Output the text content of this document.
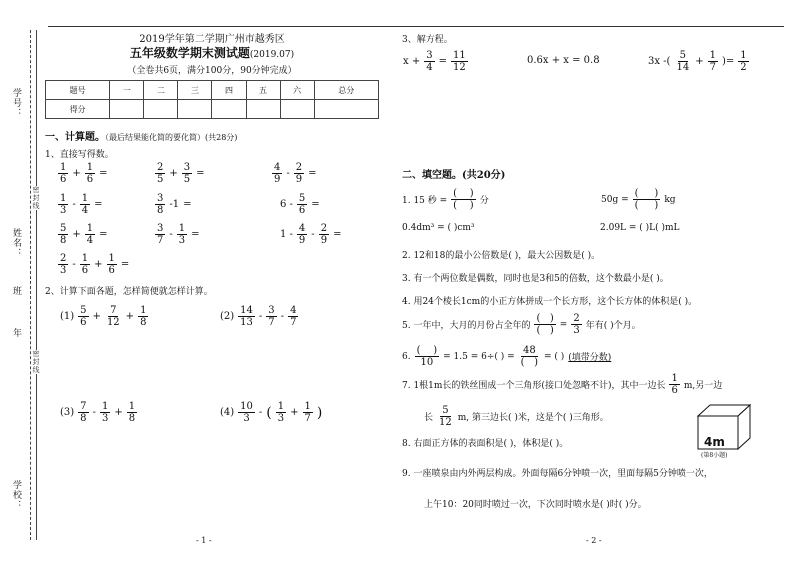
学号：
密封线
姓名：
班
年
密封线
学校：
2019学年第二学期广州市越秀区
五年级数学期末测试题(2019.07)
（全卷共6页，满分100分，90分钟完成）
题号	一	二	三	四	五	六	总分
得分							
一、计算题。（最后结果能化简的要化简）(共28分)
1、直接写得数。
$\frac{1}{6} + \frac{1}{6}$ =	$\frac{2}{5} + \frac{3}{5}$ =	$\frac{4}{9} - \frac{2}{9}$ =
$\frac{1}{3} - \frac{1}{4}$ =	$\frac{3}{8} -1$ =	$6 - \frac{5}{6}$ =
$\frac{5}{8} + \frac{1}{4}$ =	$\frac{3}{7} - \frac{1}{3}$ =	$1 - \frac{4}{9} - \frac{2}{9}$ =
$\frac{2}{3} - \frac{1}{6} + \frac{1}{6}$ =
2、计算下面各题，怎样简便就怎样计算。
$(1) \frac{5}{6} + \frac{7}{12} + \frac{1}{8}$	$(2) \frac{14}{13} - \frac{3}{7} - \frac{4}{7}$
$(3) \frac{7}{8} - \frac{1}{3} + \frac{1}{8}$	$(4) \frac{10}{3}$ - ( $\frac{1}{3} + \frac{1}{7}$ )
3、解方程。
$x + \frac{3}{4} = \frac{11}{12}$	0.6x + x = 0.8	3x -( $\frac{5}{14} + \frac{1}{7}$ )= $\frac{1}{2}$
二、填空题。(共20分)
1. 15 秒 = $\frac{( )}{( )}$ 分	$50g = \frac{( )}{( )}$ kg
0.4dm³ = ( )cm³	2.09L = ( )L( )mL
2. 12和18的最小公倍数是( )，最大公因数是( )。
3. 有一个两位数是偶数，同时也是3和5的倍数，这个数最小是( )。
4. 用24个棱长1cm的小正方体拼成一个长方形，这个长方体的体积是( )。
5. 一年中，大月的月份占全年的 $\frac{( )}{( )} = \frac{2}{3}$ 年有( )个月。
6. $\frac{( )}{10} = 1.5 = 6\div$( ) = $\frac{48}{( )}$ = ( ) (填带分数)
7. 1根1m长的铁丝围成一个三角形(接口处忽略不计)，其中一边长 $\frac{1}{6} m$,另一边
长 $\frac{5}{12} m$, 第三边长( )米，这是个( )三角形。
8. 右面正方体的表面积是( )，体积是( )。	4m
(第8小题)
9. 一座喷泉由内外两层构成。外面每隔6分钟喷一次，里面每隔5分钟喷一次，
上午10：20同时喷过一次，下次同时喷水是( )时( )分。
- 1 -	- 2 -
